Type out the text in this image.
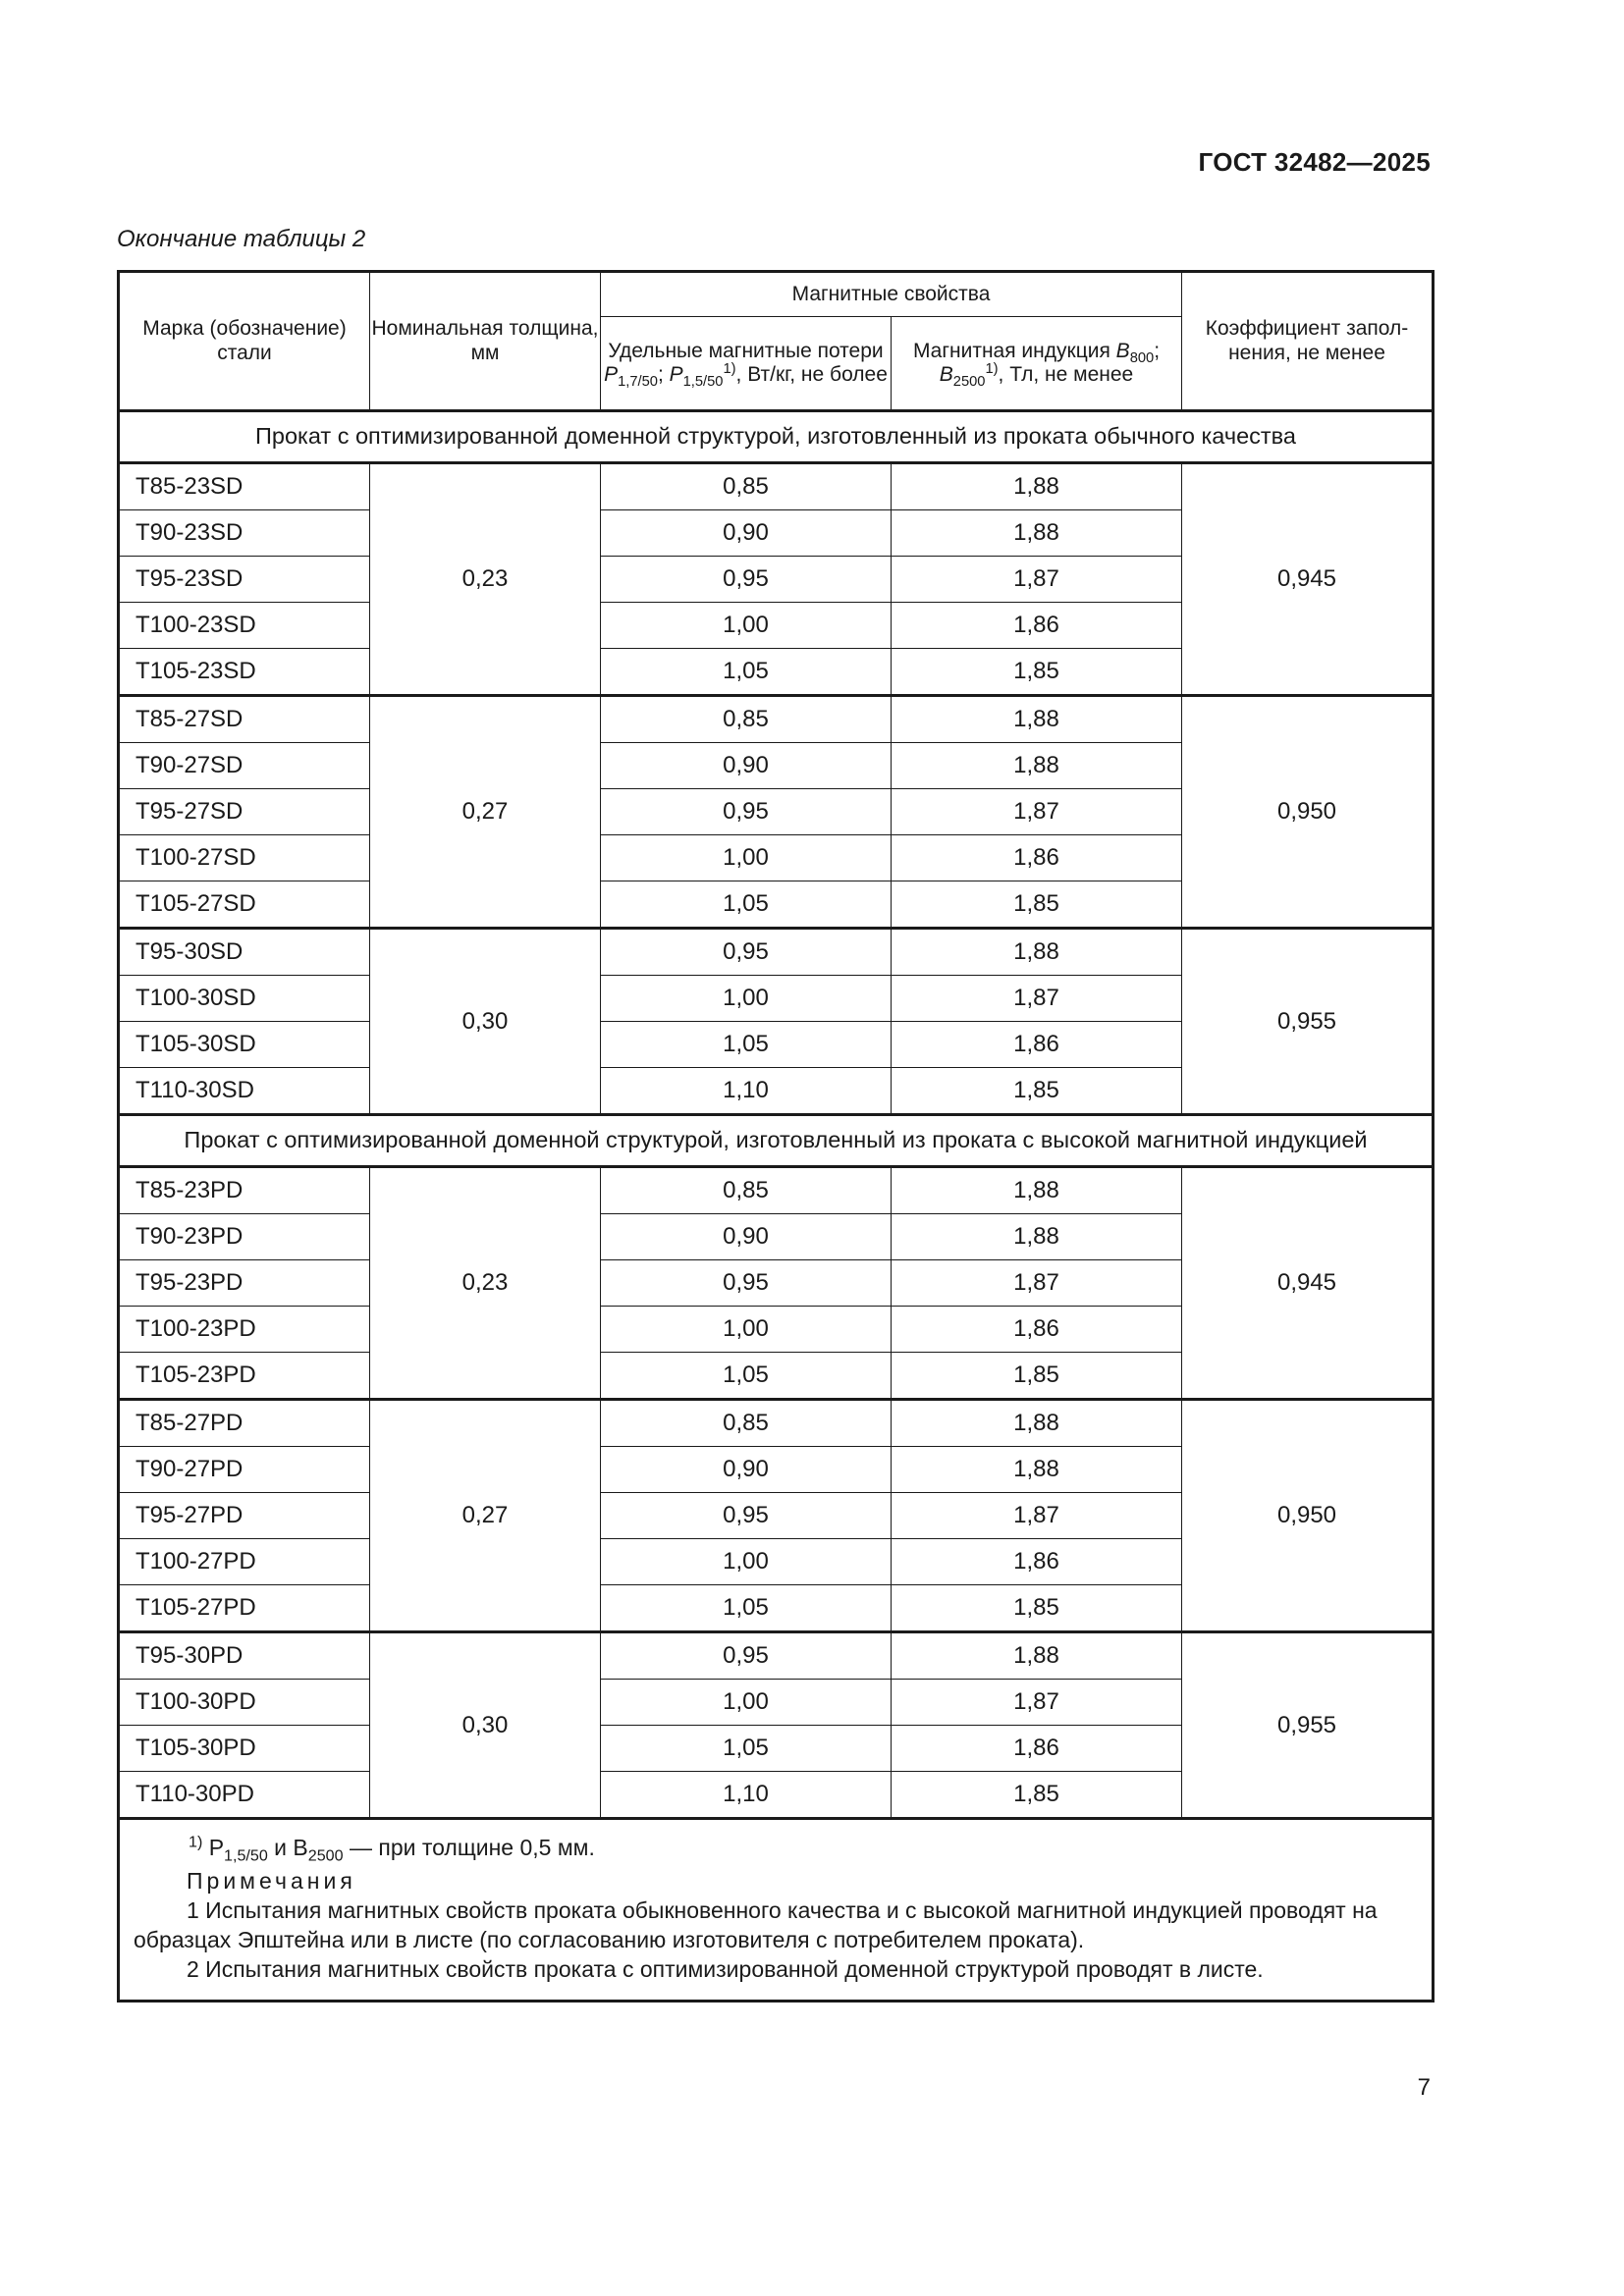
ГОСТ 32482—2025
Окончание таблицы 2
Марка (обозначение) стали	Номинальная толщина, мм	Магнитные свойства		Коэффициент запол-нения, не менее
		Удельные магнитные потери $P_{1,7/50}$; $P_{1,5/50}^{1)}$, Вт/кг, не более	Магнитная индукция $B_{800}$; $B_{2500}^{1)}$, Тл, не менее	
Прокат с оптимизированной доменной структурой, изготовленный из проката обычного качества				
T85-23SD	0,23	0,85	1,88	0,945
T90-23SD		0,90	1,88	
T95-23SD		0,95	1,87	
T100-23SD		1,00	1,86	
T105-23SD		1,05	1,85	
T85-27SD	0,27	0,85	1,88	0,950
T90-27SD		0,90	1,88	
T95-27SD		0,95	1,87	
T100-27SD		1,00	1,86	
T105-27SD		1,05	1,85	
T95-30SD	0,30	0,95	1,88	0,955
T100-30SD		1,00	1,87	
T105-30SD		1,05	1,86	
T110-30SD		1,10	1,85	
Прокат с оптимизированной доменной структурой, изготовленный из проката с высокой магнитной индукцией				
T85-23PD	0,23	0,85	1,88	0,945
T90-23PD		0,90	1,88	
T95-23PD		0,95	1,87	
T100-23PD		1,00	1,86	
T105-23PD		1,05	1,85	
T85-27PD	0,27	0,85	1,88	0,950
T90-27PD		0,90	1,88	
T95-27PD		0,95	1,87	
T100-27PD		1,00	1,86	
T105-27PD		1,05	1,85	
T95-30PD	0,30	0,95	1,88	0,955
T100-30PD		1,00	1,87	
T105-30PD		1,05	1,86	
T110-30PD		1,10	1,85	

$^{1)}$ $P_{1,5/50}$ и $B_{2500}$ — при толщине 0,5 мм.

Примечания

1 Испытания магнитных свойств проката обыкновенного качества и с высокой магнитной индукцией проводят на образцах Эпштейна или в листе (по согласованию изготовителя с потребителем проката).

2 Испытания магнитных свойств проката с оптимизированной доменной структурой проводят в листе.				

7
